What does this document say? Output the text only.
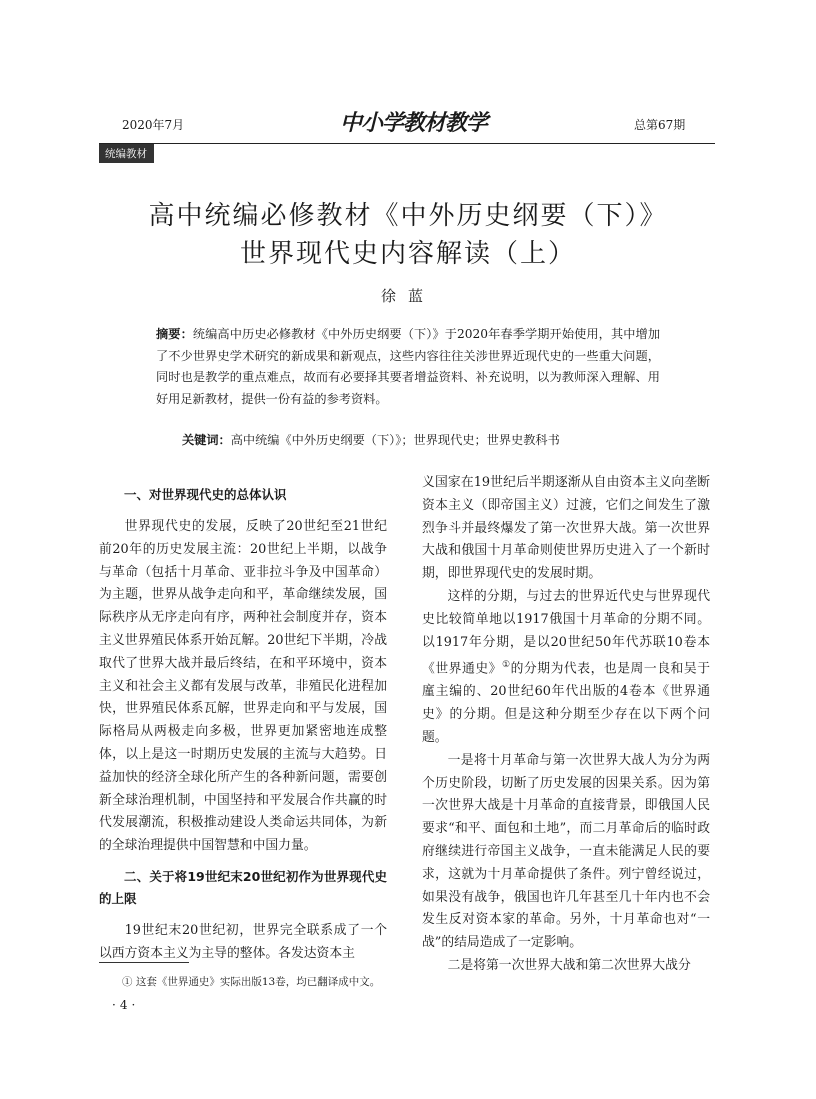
2020年7月	中小学教材教学	总第67期
统编教材
高中统编必修教材《中外历史纲要（下）》
世界现代史内容解读（上）
徐蓝
摘要：统编高中历史必修教材《中外历史纲要（下）》于2020年春季学期开始使用，其中增加了不少世界史学术研究的新成果和新观点，这些内容往往关涉世界近现代史的一些重大问题，同时也是教学的重点难点，故而有必要择其要者增益资料、补充说明，以为教师深入理解、用好用足新教材，提供一份有益的参考资料。
关键词：高中统编《中外历史纲要（下）》；世界现代史；世界史教科书
一、对世界现代史的总体认识

世界现代史的发展，反映了20世纪至21世纪前20年的历史发展主流：20世纪上半期，以战争与革命（包括十月革命、亚非拉斗争及中国革命）为主题，世界从战争走向和平，革命继续发展，国际秩序从无序走向有序，两种社会制度并存，资本主义世界殖民体系开始瓦解。20世纪下半期，冷战取代了世界大战并最后终结，在和平环境中，资本主义和社会主义都有发展与改革，非殖民化进程加快，世界殖民体系瓦解，世界走向和平与发展，国际格局从两极走向多极，世界更加紧密地连成整体，以上是这一时期历史发展的主流与大趋势。日益加快的经济全球化所产生的各种新问题，需要创新全球治理机制，中国坚持和平发展合作共赢的时代发展潮流，积极推动建设人类命运共同体，为新的全球治理提供中国智慧和中国力量。

二、关于将19世纪末20世纪初作为世界现代史的上限

19世纪末20世纪初，世界完全联系成了一个以西方资本主义为主导的整体。各发达资本主

义国家在19世纪后半期逐渐从自由资本主义向垄断资本主义（即帝国主义）过渡，它们之间发生了激烈争斗并最终爆发了第一次世界大战。第一次世界大战和俄国十月革命则使世界历史进入了一个新时期，即世界现代史的发展时期。

这样的分期，与过去的世界近代史与世界现代史比较简单地以1917俄国十月革命的分期不同。以1917年分期，是以20世纪50年代苏联10卷本《世界通史》①的分期为代表，也是周一良和吴于廑主编的、20世纪60年代出版的4卷本《世界通史》的分期。但是这种分期至少存在以下两个问题。

一是将十月革命与第一次世界大战人为分为两个历史阶段，切断了历史发展的因果关系。因为第一次世界大战是十月革命的直接背景，即俄国人民要求“和平、面包和土地”，而二月革命后的临时政府继续进行帝国主义战争，一直未能满足人民的要求，这就为十月革命提供了条件。列宁曾经说过，如果没有战争，俄国也许几年甚至几十年内也不会发生反对资本家的革命。另外，十月革命也对“一战”的结局造成了一定影响。

二是将第一次世界大战和第二次世界大战分

① 这套《世界通史》实际出版13卷，均已翻译成中文。
·4·
